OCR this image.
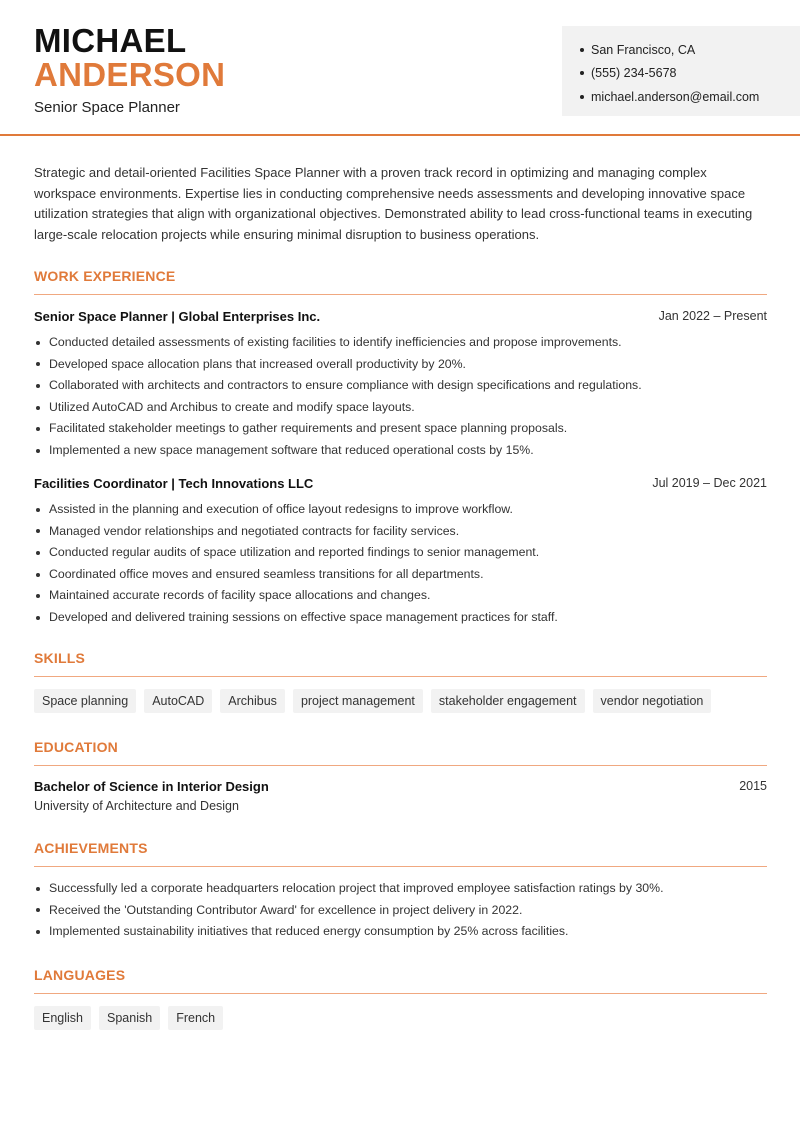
MICHAEL
ANDERSON
Senior Space Planner
San Francisco, CA
(555) 234-5678
michael.anderson@email.com
Strategic and detail-oriented Facilities Space Planner with a proven track record in optimizing and managing complex workspace environments. Expertise lies in conducting comprehensive needs assessments and developing innovative space utilization strategies that align with organizational objectives. Demonstrated ability to lead cross-functional teams in executing large-scale relocation projects while ensuring minimal disruption to business operations.
WORK EXPERIENCE
Senior Space Planner | Global Enterprises Inc.	Jan 2022 – Present
Conducted detailed assessments of existing facilities to identify inefficiencies and propose improvements.
Developed space allocation plans that increased overall productivity by 20%.
Collaborated with architects and contractors to ensure compliance with design specifications and regulations.
Utilized AutoCAD and Archibus to create and modify space layouts.
Facilitated stakeholder meetings to gather requirements and present space planning proposals.
Implemented a new space management software that reduced operational costs by 15%.
Facilities Coordinator | Tech Innovations LLC	Jul 2019 – Dec 2021
Assisted in the planning and execution of office layout redesigns to improve workflow.
Managed vendor relationships and negotiated contracts for facility services.
Conducted regular audits of space utilization and reported findings to senior management.
Coordinated office moves and ensured seamless transitions for all departments.
Maintained accurate records of facility space allocations and changes.
Developed and delivered training sessions on effective space management practices for staff.
SKILLS
Space planning	AutoCAD	Archibus	project management	stakeholder engagement	vendor negotiation
EDUCATION
Bachelor of Science in Interior Design	2015
University of Architecture and Design
ACHIEVEMENTS
Successfully led a corporate headquarters relocation project that improved employee satisfaction ratings by 30%.
Received the 'Outstanding Contributor Award' for excellence in project delivery in 2022.
Implemented sustainability initiatives that reduced energy consumption by 25% across facilities.
LANGUAGES
English	Spanish	French
